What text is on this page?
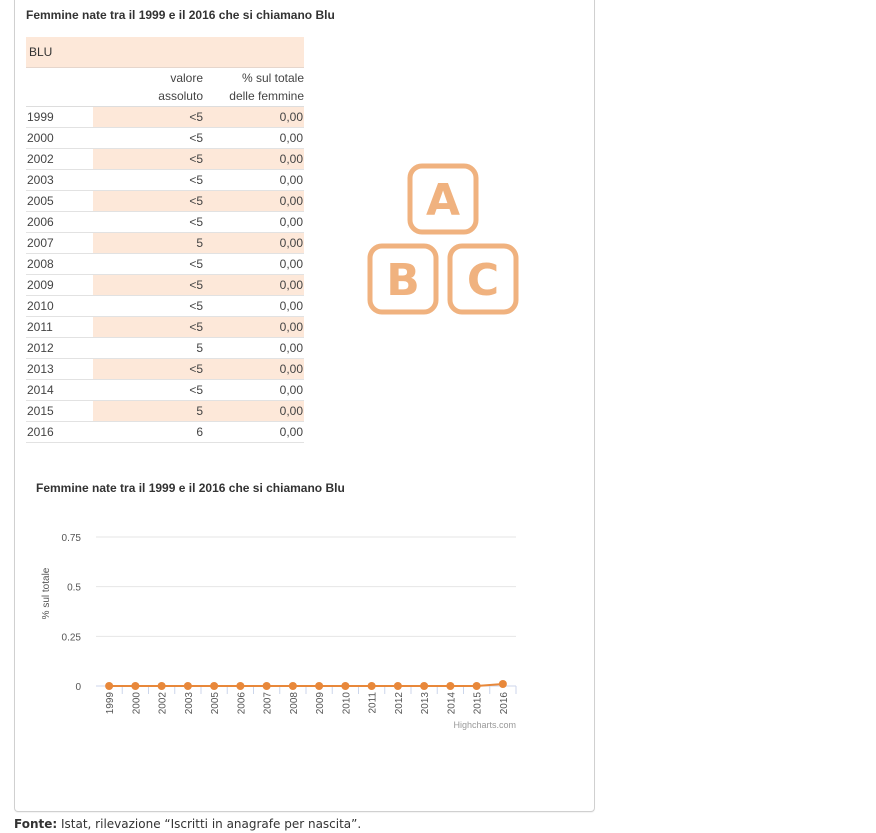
Femmine nate tra il 1999 e il 2016 che si chiamano Blu
BLU		
	valore
assoluto	% sul totale
delle femmine
1999	<5	0,00
2000	<5	0,00
2002	<5	0,00
2003	<5	0,00
2005	<5	0,00
2006	<5	0,00
2007	5	0,00
2008	<5	0,00
2009	<5	0,00
2010	<5	0,00
2011	<5	0,00
2012	5	0,00
2013	<5	0,00
2014	<5	0,00
2015	5	0,00
2016	6	0,00
A
B C
Femmine nate tra il 1999 e il 2016 che si chiamano Blu
0
0.25
0.5
0.75
1999 2000 2002 2003 2005 2006 2007 2008 2009 2010 2011 2012 2013 2014 2015 2016
% sul totale
Highcharts.com
Fonte: Istat, rilevazione “Iscritti in anagrafe per nascita”.
